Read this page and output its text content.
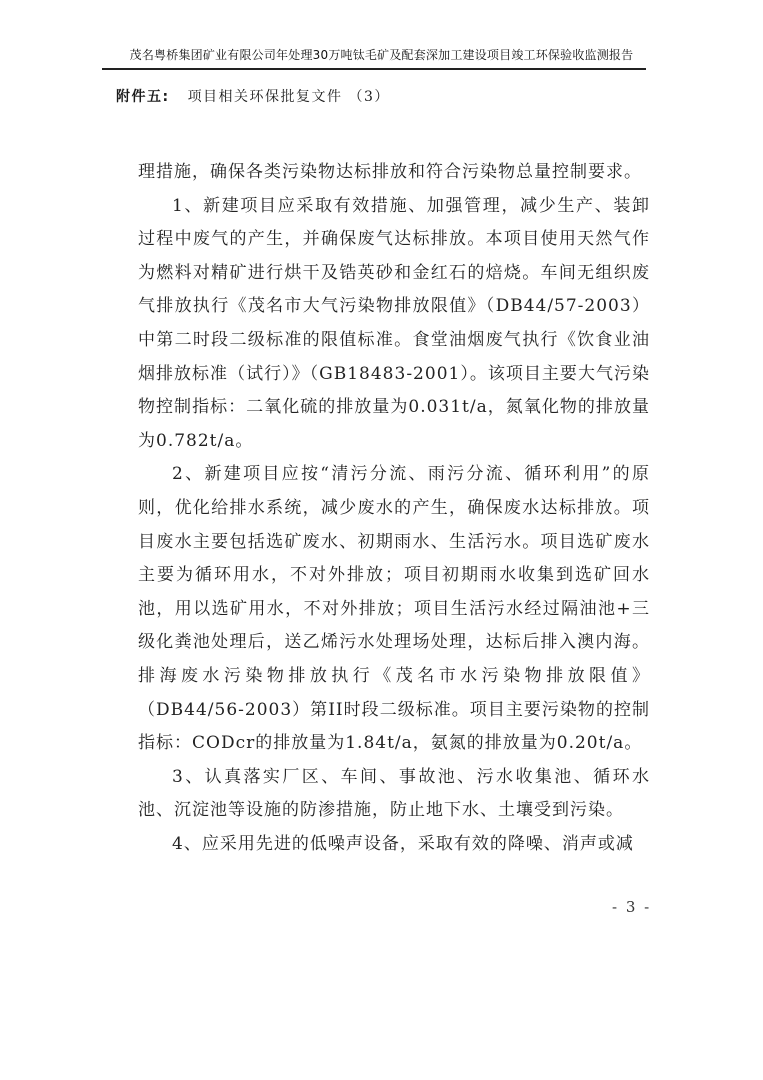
茂名粤桥集团矿业有限公司年处理30万吨钛毛矿及配套深加工建设项目竣工环保验收监测报告
附件五: 项目相关环保批复文件 （3）

理措施，确保各类污染物达标排放和符合污染物总量控制要求。

1、新建项目应采取有效措施、加强管理，减少生产、装卸过程中废气的产生，并确保废气达标排放。本项目使用天然气作为燃料对精矿进行烘干及锆英砂和金红石的焙烧。车间无组织废气排放执行《茂名市大气污染物排放限值》（DB44/57-2003）中第二时段二级标准的限值标准。食堂油烟废气执行《饮食业油烟排放标准（试行）》（GB18483-2001）。该项目主要大气污染物控制指标：二氧化硫的排放量为0.031t/a，氮氧化物的排放量为0.782t/a。

2、新建项目应按“清污分流、雨污分流、循环利用”的原则，优化给排水系统，减少废水的产生，确保废水达标排放。项目废水主要包括选矿废水、初期雨水、生活污水。项目选矿废水主要为循环用水，不对外排放；项目初期雨水收集到选矿回水池，用以选矿用水，不对外排放；项目生活污水经过隔油池+三级化粪池处理后，送乙烯污水处理场处理，达标后排入澳内海。排海废水污染物排放执行《茂名市水污染物排放限值》（DB44/56-2003）第II时段二级标准。项目主要污染物的控制指标：CODcr的排放量为1.84t/a，氨氮的排放量为0.20t/a。

3、认真落实厂区、车间、事故池、污水收集池、循环水池、沉淀池等设施的防渗措施，防止地下水、土壤受到污染。

4、应采用先进的低噪声设备，采取有效的降噪、消声或减

- 3 -
